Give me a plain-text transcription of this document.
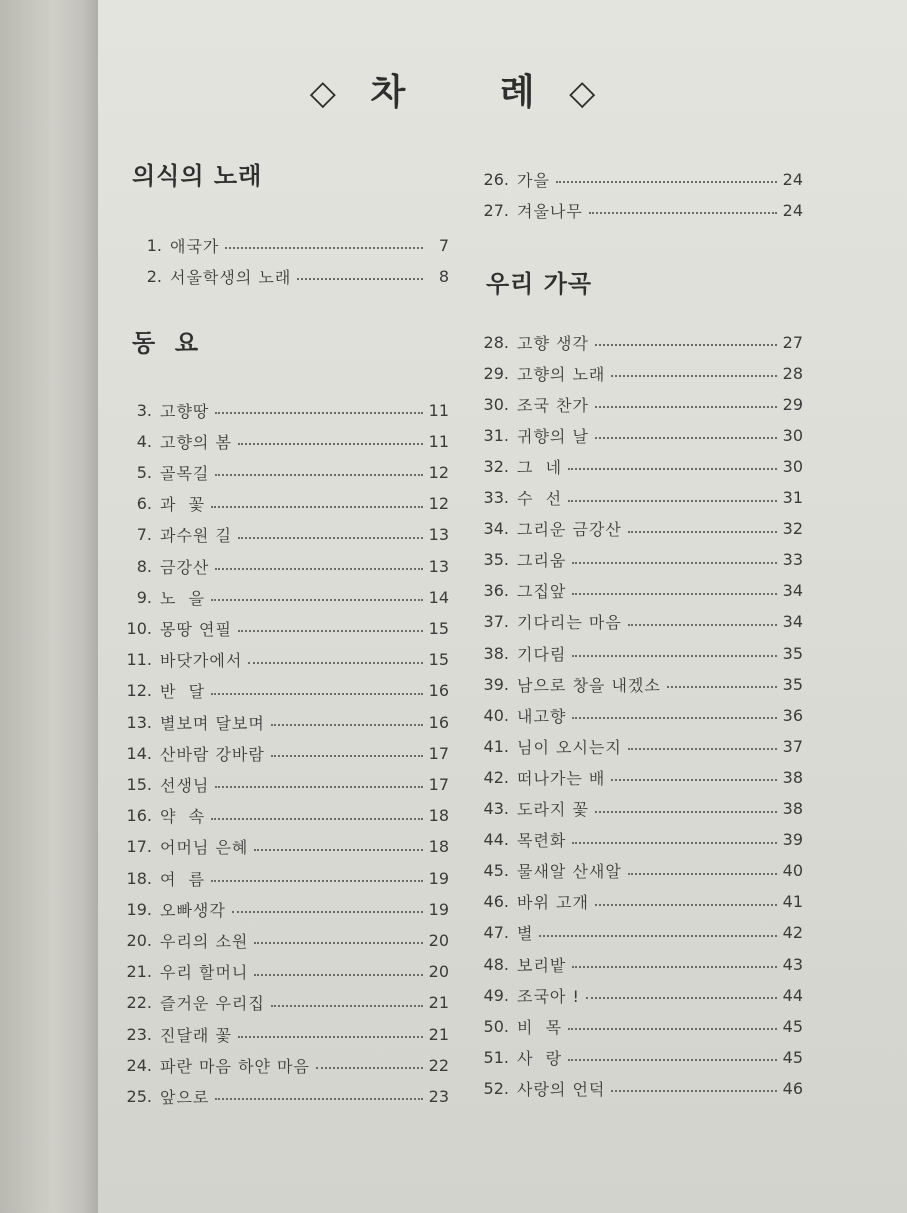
◇ 차	례 ◇
의식의 노래
동  요
우리 가곡
1. 애국가	7
2. 서울학생의 노래	8
3. 고향땅	11
4. 고향의 봄	11
5. 골목길	12
6. 과  꽃	12
7. 과수원 길	13
8. 금강산	13
9. 노  을	14
10. 몽땅 연필	15
11. 바닷가에서	15
12. 반  달	16
13. 별보며 달보며	16
14. 산바람 강바람	17
15. 선생님	17
16. 약  속	18
17. 어머님 은혜	18
18. 여  름	19
19. 오빠생각	19
20. 우리의 소원	20
21. 우리 할머니	20
22. 즐거운 우리집	21
23. 진달래 꽃	21
24. 파란 마음 하얀 마음	22
25. 앞으로	23
26. 가을	24
27. 겨울나무	24
28. 고향 생각	27
29. 고향의 노래	28
30. 조국 찬가	29
31. 귀향의 날	30
32. 그  네	30
33. 수  선	31
34. 그리운 금강산	32
35. 그리움	33
36. 그집앞	34
37. 기다리는 마음	34
38. 기다림	35
39. 남으로 창을 내겠소	35
40. 내고향	36
41. 님이 오시는지	37
42. 떠나가는 배	38
43. 도라지 꽃	38
44. 목련화	39
45. 물새알 산새알	40
46. 바위 고개	41
47. 별	42
48. 보리밭	43
49. 조국아 !	44
50. 비  목	45
51. 사  랑	45
52. 사랑의 언덕	46
